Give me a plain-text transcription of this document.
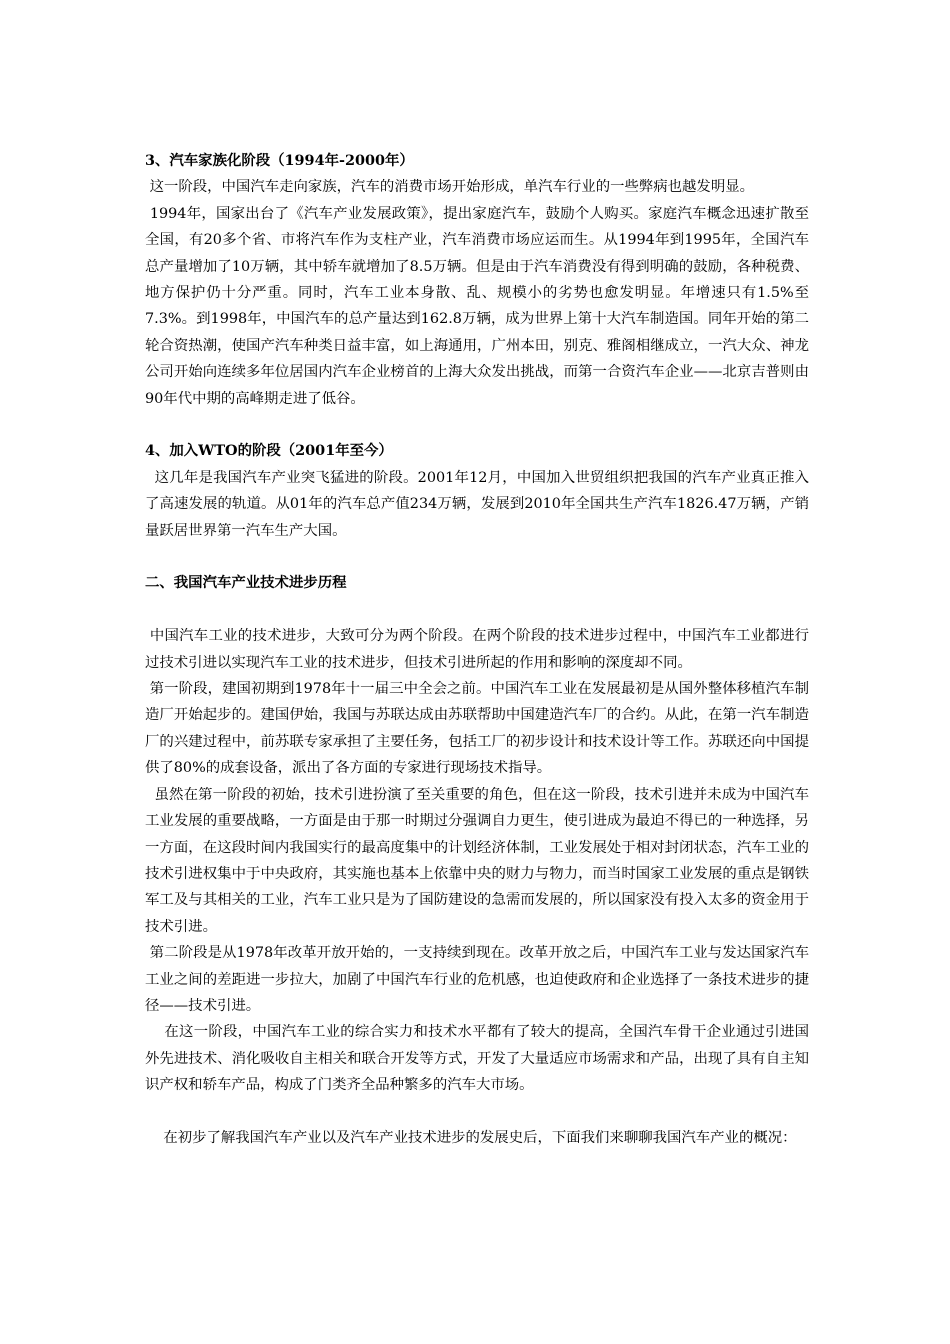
3、汽车家族化阶段（1994年-2000年）

这一阶段，中国汽车走向家族，汽车的消费市场开始形成，单汽车行业的一些弊病也越发明显。

1994年，国家出台了《汽车产业发展政策》，提出家庭汽车，鼓励个人购买。家庭汽车概念迅速扩散至全国，有20多个省、市将汽车作为支柱产业，汽车消费市场应运而生。从1994年到1995年，全国汽车总产量增加了10万辆，其中轿车就增加了8.5万辆。但是由于汽车消费没有得到明确的鼓励，各种税费、地方保护仍十分严重。同时，汽车工业本身散、乱、规模小的劣势也愈发明显。年增速只有1.5%至7.3%。到1998年，中国汽车的总产量达到162.8万辆，成为世界上第十大汽车制造国。同年开始的第二轮合资热潮，使国产汽车种类日益丰富，如上海通用，广州本田，别克、雅阁相继成立，一汽大众、神龙公司开始向连续多年位居国内汽车企业榜首的上海大众发出挑战，而第一合资汽车企业——北京吉普则由90年代中期的高峰期走进了低谷。

4、加入WTO的阶段（2001年至今）

这几年是我国汽车产业突飞猛进的阶段。2001年12月，中国加入世贸组织把我国的汽车产业真正推入了高速发展的轨道。从01年的汽车总产值234万辆，发展到2010年全国共生产汽车1826.47万辆，产销量跃居世界第一汽车生产大国。

二、我国汽车产业技术进步历程

中国汽车工业的技术进步，大致可分为两个阶段。在两个阶段的技术进步过程中，中国汽车工业都进行过技术引进以实现汽车工业的技术进步，但技术引进所起的作用和影响的深度却不同。

第一阶段，建国初期到1978年十一届三中全会之前。中国汽车工业在发展最初是从国外整体移植汽车制造厂开始起步的。建国伊始，我国与苏联达成由苏联帮助中国建造汽车厂的合约。从此，在第一汽车制造厂的兴建过程中，前苏联专家承担了主要任务，包括工厂的初步设计和技术设计等工作。苏联还向中国提供了80%的成套设备，派出了各方面的专家进行现场技术指导。

虽然在第一阶段的初始，技术引进扮演了至关重要的角色，但在这一阶段，技术引进并未成为中国汽车工业发展的重要战略，一方面是由于那一时期过分强调自力更生，使引进成为最迫不得已的一种选择，另一方面，在这段时间内我国实行的最高度集中的计划经济体制，工业发展处于相对封闭状态，汽车工业的技术引进权集中于中央政府，其实施也基本上依靠中央的财力与物力，而当时国家工业发展的重点是钢铁军工及与其相关的工业，汽车工业只是为了国防建设的急需而发展的，所以国家没有投入太多的资金用于技术引进。

第二阶段是从1978年改革开放开始的，一支持续到现在。改革开放之后，中国汽车工业与发达国家汽车工业之间的差距进一步拉大，加剧了中国汽车行业的危机感，也迫使政府和企业选择了一条技术进步的捷径——技术引进。

在这一阶段，中国汽车工业的综合实力和技术水平都有了较大的提高，全国汽车骨干企业通过引进国外先进技术、消化吸收自主相关和联合开发等方式，开发了大量适应市场需求和产品，出现了具有自主知识产权和轿车产品，构成了门类齐全品种繁多的汽车大市场。

在初步了解我国汽车产业以及汽车产业技术进步的发展史后，下面我们来聊聊我国汽车产业的概况：
